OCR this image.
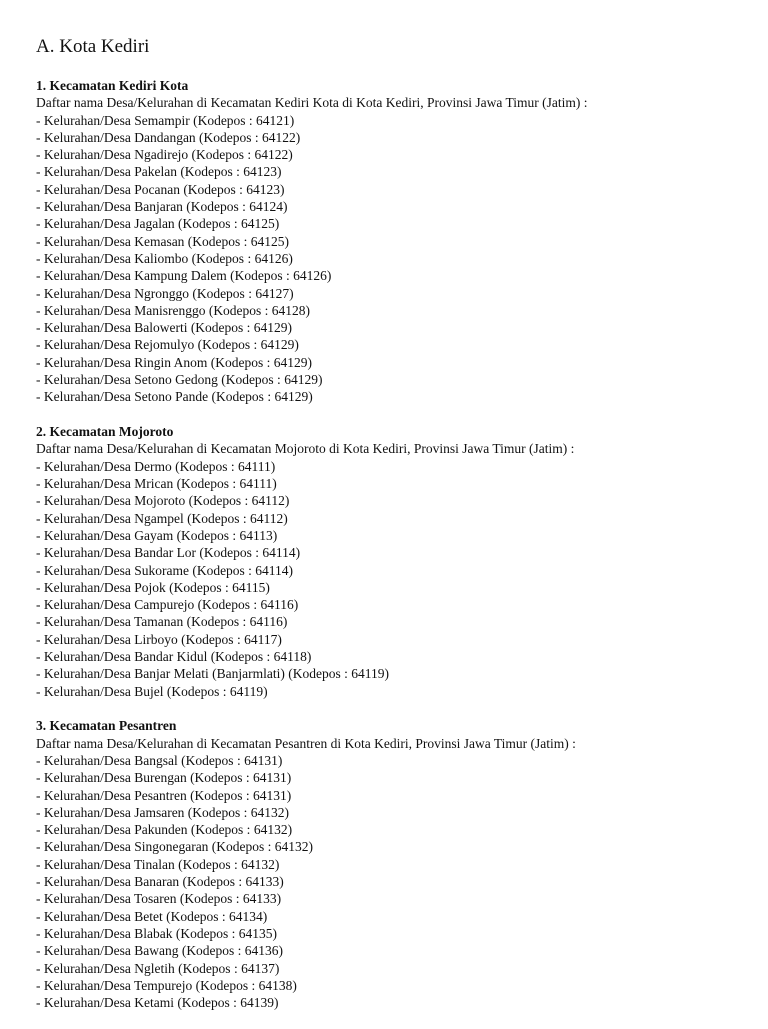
A. Kota Kediri
1. Kecamatan Kediri Kota

Daftar nama Desa/Kelurahan di Kecamatan Kediri Kota di Kota Kediri, Provinsi Jawa Timur (Jatim) :

- Kelurahan/Desa Semampir (Kodepos : 64121)
- Kelurahan/Desa Dandangan (Kodepos : 64122)
- Kelurahan/Desa Ngadirejo (Kodepos : 64122)
- Kelurahan/Desa Pakelan (Kodepos : 64123)
- Kelurahan/Desa Pocanan (Kodepos : 64123)
- Kelurahan/Desa Banjaran (Kodepos : 64124)
- Kelurahan/Desa Jagalan (Kodepos : 64125)
- Kelurahan/Desa Kemasan (Kodepos : 64125)
- Kelurahan/Desa Kaliombo (Kodepos : 64126)
- Kelurahan/Desa Kampung Dalem (Kodepos : 64126)
- Kelurahan/Desa Ngronggo (Kodepos : 64127)
- Kelurahan/Desa Manisrenggo (Kodepos : 64128)
- Kelurahan/Desa Balowerti (Kodepos : 64129)
- Kelurahan/Desa Rejomulyo (Kodepos : 64129)
- Kelurahan/Desa Ringin Anom (Kodepos : 64129)
- Kelurahan/Desa Setono Gedong (Kodepos : 64129)
- Kelurahan/Desa Setono Pande (Kodepos : 64129)
2. Kecamatan Mojoroto

Daftar nama Desa/Kelurahan di Kecamatan Mojoroto di Kota Kediri, Provinsi Jawa Timur (Jatim) :

- Kelurahan/Desa Dermo (Kodepos : 64111)
- Kelurahan/Desa Mrican (Kodepos : 64111)
- Kelurahan/Desa Mojoroto (Kodepos : 64112)
- Kelurahan/Desa Ngampel (Kodepos : 64112)
- Kelurahan/Desa Gayam (Kodepos : 64113)
- Kelurahan/Desa Bandar Lor (Kodepos : 64114)
- Kelurahan/Desa Sukorame (Kodepos : 64114)
- Kelurahan/Desa Pojok (Kodepos : 64115)
- Kelurahan/Desa Campurejo (Kodepos : 64116)
- Kelurahan/Desa Tamanan (Kodepos : 64116)
- Kelurahan/Desa Lirboyo (Kodepos : 64117)
- Kelurahan/Desa Bandar Kidul (Kodepos : 64118)
- Kelurahan/Desa Banjar Melati (Banjarmlati) (Kodepos : 64119)
- Kelurahan/Desa Bujel (Kodepos : 64119)
3. Kecamatan Pesantren

Daftar nama Desa/Kelurahan di Kecamatan Pesantren di Kota Kediri, Provinsi Jawa Timur (Jatim) :

- Kelurahan/Desa Bangsal (Kodepos : 64131)
- Kelurahan/Desa Burengan (Kodepos : 64131)
- Kelurahan/Desa Pesantren (Kodepos : 64131)
- Kelurahan/Desa Jamsaren (Kodepos : 64132)
- Kelurahan/Desa Pakunden (Kodepos : 64132)
- Kelurahan/Desa Singonegaran (Kodepos : 64132)
- Kelurahan/Desa Tinalan (Kodepos : 64132)
- Kelurahan/Desa Banaran (Kodepos : 64133)
- Kelurahan/Desa Tosaren (Kodepos : 64133)
- Kelurahan/Desa Betet (Kodepos : 64134)
- Kelurahan/Desa Blabak (Kodepos : 64135)
- Kelurahan/Desa Bawang (Kodepos : 64136)
- Kelurahan/Desa Ngletih (Kodepos : 64137)
- Kelurahan/Desa Tempurejo (Kodepos : 64138)
- Kelurahan/Desa Ketami (Kodepos : 64139)
